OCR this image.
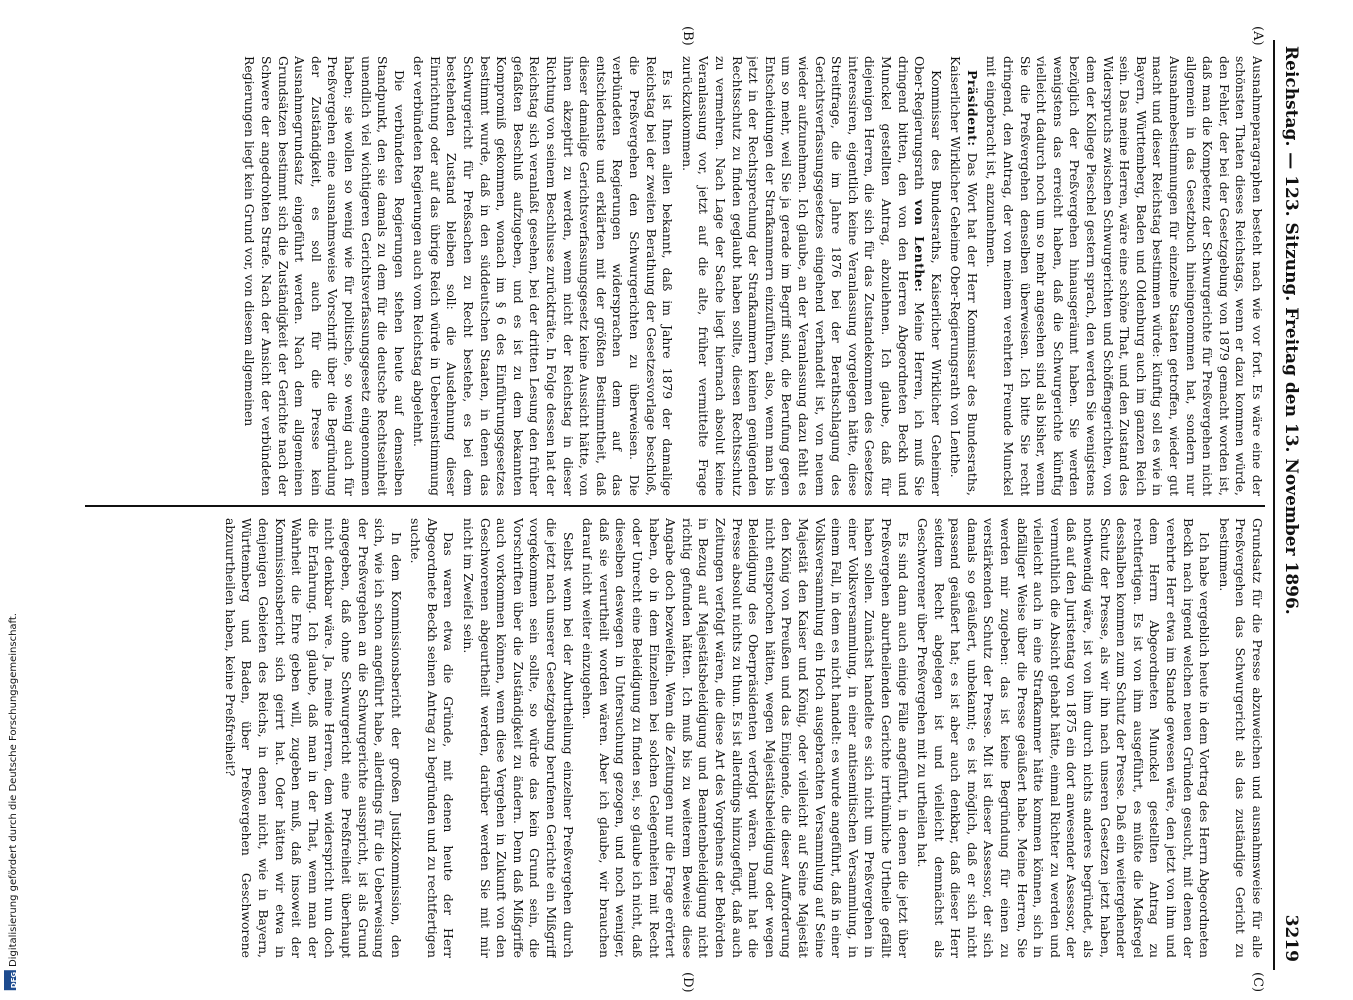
Reichstag. — 123. Sitzung. Freitag den 13. November 1896.
3219
(A)
(B)
(C)
(D)

Ausnahmeparagraphen besteht nach wie vor fort. Es wäre eine der schönsten Thaten dieses Reichstags, wenn er dazu kommen würde, den Fehler, der bei der Gesetzgebung von 1879 gemacht worden ist, daß man die Kompetenz der Schwurgerichte für Preßvergehen nicht allgemein in das Gesetzbuch hineingenommen hat, sondern nur Ausnahmebestimmungen für einzelne Staaten getroffen, wieder gut macht und dieser Reichstag bestimmen würde: künftig soll es wie in Bayern, Württemberg, Baden und Oldenburg auch im ganzen Reich sein. Das meine Herren, wäre eine schöne That, und den Zustand des Widerspruchs zwischen Schwurgerichten und Schöffengerichten, von dem der Kollege Pieschel gestern sprach, den werden Sie wenigstens bezüglich der Preßvergehen hinausgeräumt haben. Sie werden wenigstens das erreicht haben, daß die Schwurgerichte künftig vielleicht dadurch noch um so mehr angesehen sind als bisher, wenn Sie die Preßvergehen denselben überweisen. Ich bitte Sie recht dringend, den Antrag, der von meinem verehrten Freunde Munckel mit eingebracht ist, anzunehmen.

Präsident: Das Wort hat der Herr Kommissar des Bundesraths, Kaiserlicher Wirklicher Geheime Ober-Regierungsrath von Lenthe.

Kommissar des Bundesraths, Kaiserlicher Wirklicher Geheimer Ober-Regierungsrath von Lenthe: Meine Herren, ich muß Sie dringend bitten, den von den Herren Abgeordneten Beckh und Munckel gestellten Antrag, abzulehnen. Ich glaube, daß für diejenigen Herren, die sich für das Zustandekommen des Gesetzes interessiren, eigentlich keine Veranlassung vorgelegen hätte, diese Streitfrage, die im Jahre 1876 bei der Berathschlagung des Gerichtsverfassungsgesetzes eingehend verhandelt ist, von neuem wieder aufzunehmen. Ich glaube, an der Veranlassung dazu fehlt es um so mehr, weil Sie ja gerade im Begriff sind, die Berufung gegen Entscheidungen der Strafkammern einzuführen, also, wenn man bis jetzt in der Rechtsprechung der Strafkammern keinen genügenden Rechtsschutz zu finden geglaubt haben sollte, diesen Rechtsschutz zu vermehren. Nach Lage der Sache liegt hiernach absolut keine Veranlassung vor, jetzt auf die alte, früher vermittelte Frage zurückzukommen.

Es ist Ihnen allen bekannt, daß im Jahre 1879 der damalige Reichstag bei der zweiten Berathung der Gesetzesvorlage beschloß, die Preßvergehen den Schwurgerichten zu überweisen. Die verbündeten Regierungen widersprachen dem auf das entschiedenste und erklärten mit der größten Bestimmtheit, daß dieser damalige Gerichtsverfassungsgesetz keine Aussicht hätte, von ihnen akzeptirt zu werden, wenn nicht der Reichstag in dieser Richtung von seinem Beschlusse zurückträte. In Folge dessen hat der Reichstag sich veranlaßt gesehen, bei der dritten Lesung den früher gefaßten Beschluß aufzugeben, und es ist zu dem bekannten Kompromiß gekommen, wonach im § 6 des Einführungsgesetzes bestimmt wurde, daß in den süddeutschen Staaten, in denen das Schwurgericht für Preßsachen zu Recht bestehe, es bei dem bestehenden Zustand bleiben soll: die Ausdehnung dieser Einrichtung oder auf das übrige Reich würde in Uebereinstimmung der verbündeten Regierungen auch vom Reichstag abgelehnt.

Die verbündeten Regierungen stehen heute auf demselben Standpunkt, den sie damals zu dem für die deutsche Rechtseinheit unendlich viel wichtigeren Gerichtsverfassungsgesetz eingenommen haben; sie wollen so wenig wie für politische, so wenig auch für Preßvergehen eine ausnahmsweise Vorschrift über die Begründung der Zuständigkeit, es soll auch für die Presse kein Ausnahmegrundsatz eingeführt werden. Nach dem allgemeinen Grundsätzen bestimmt sich die Zuständigkeit der Gerichte nach der Schwere der angedrohten Strafe. Nach der Ansicht der verbündeten Regierungen liegt kein Grund vor, von diesem allgemeinen

Grundsatz für die Presse abzuweichen und ausnahmsweise für alle Preßvergehen das Schwurgericht als das zuständige Gericht zu bestimmen.

Ich habe vergeblich heute in dem Vortrag des Herrn Abgeordneten Beckh nach irgend welchen neuen Gründen gesucht, mit denen der verehrte Herr etwa im Stande gewesen wäre, den jetzt von ihm und dem Herrn Abgeordneten Munckel gestellten Antrag zu rechtfertigen. Es ist von ihm ausgeführt, es müßte die Maßregel desshalben kommen zum Schutz der Presse. Daß ein weitergehender Schutz der Presse, als wir ihn nach unseren Gesetzen jetzt haben, nothwendig wäre, ist von ihm durch nichts anderes begründet, als daß auf den Juristentag von 1875 ein dort anwesender Assessor, der vermuthlich die Absicht gehabt hätte, einmal Richter zu werden und vielleicht auch in eine Strafkammer hätte kommen können, sich in abfälliger Weise über die Presse geäußert habe. Meine Herren, Sie werden mir zugeben: das ist keine Begründung für einen zu verstärkenden Schutz der Presse. Mit ist dieser Assessor, der sich damals so geäußert, unbekannt; es ist möglich, daß er sich nicht passend geäußert hat; es ist aber auch denkbar, daß dieser Herr seitdem Recht abgelegen ist und vielleicht demnächst als Geschworener über Preßvergehen mit zu urtheilen hat.

Es sind dann auch einige Fälle angeführt, in denen die jetzt über Preßvergehen aburtheilenden Gerichte irrthümliche Urtheile gefällt haben sollen. Zunächst handelte es sich nicht um Preßvergehen in einer Volksversammlung, in einer antisemitischen Versammlung, in einem Fall, in dem es nicht handelt: es wurde angeführt, daß in einer Volksversammlung ein Hoch ausgebrachten Versammlung auf Seine Majestät den Kaiser und König, oder vielleicht auf Seine Majestät den König von Preußen und das Einigende, die dieser Aufforderung nicht entsprochen hätten, wegen Majestätsbeleidigung oder wegen Beleidigung des Oberpräsidenten verfolgt wären. Damit hat die Presse absolut nichts zu thun. Es ist allerdings hinzugefügt, daß auch Zeitungen verfolgt wären, die diese Art des Vorgehens der Behörden in Bezug auf Majestätsbeleidigung und Beamtenbeleidigung nicht richtig gefunden hätten. Ich muß bis zu weiterem Beweise diese Angabe doch bezweifeln. Wenn die Zeitungen nur die Frage erörtert haben, ob in dem Einzelnen bei solchen Gelegenheiten mit Recht oder Unrecht eine Beleidigung zu finden sei, so glaube ich nicht, daß dieselben deswegen in Untersuchung gezogen, und noch weniger, daß sie verurtheilt worden wären. Aber ich glaube, wir brauchen darauf nicht weiter einzugehen.

Selbst wenn bei der Aburtheilung einzelner Preßvergehen durch die jetzt nach unserer Gesetzgebung berufenen Gerichte ein Mißgriff vorgekommen sein sollte, so würde das kein Grund sein, die Vorschriften über die Zuständigkeit zu ändern. Denn daß Mißgriffe auch vorkommen können, wenn diese Vergehen in Zukunft von den Geschworenen abgeurtheilt werden, darüber werden Sie mit mir nicht im Zweifel sein.

Das waren etwa die Gründe, mit denen heute der Herr Abgeordnete Beckh seinen Antrag zu begründen und zu rechtfertigen suchte.

In dem Kommissionsbericht der großen Justizkommission, den sich, wie ich schon angeführt habe, allerdings für die Ueberweisung der Preßvergehen an die Schwurgerichte ausspricht, ist als Grund angegeben, daß ohne Schwurgericht eine Preßfreiheit überhaupt nicht denkbar wäre. Ja, meine Herren, dem widerspricht nun doch die Erfahrung. Ich glaube, daß man in der That, wenn man der Wahrheit die Ehre geben will, zugeben muß, daß insoweit der Kommissionsbericht sich geirrt hat. Oder hätten wir etwa in denjenigen Gebieten des Reichs, in denen nicht, wie in Bayern, Württemberg und Baden, über Preßvergehen Geschworene abzuurtheilen haben, keine Preßfreiheit?

DFG Digitalisierung gefördert durch die Deutsche Forschungsgemeinschaft.
